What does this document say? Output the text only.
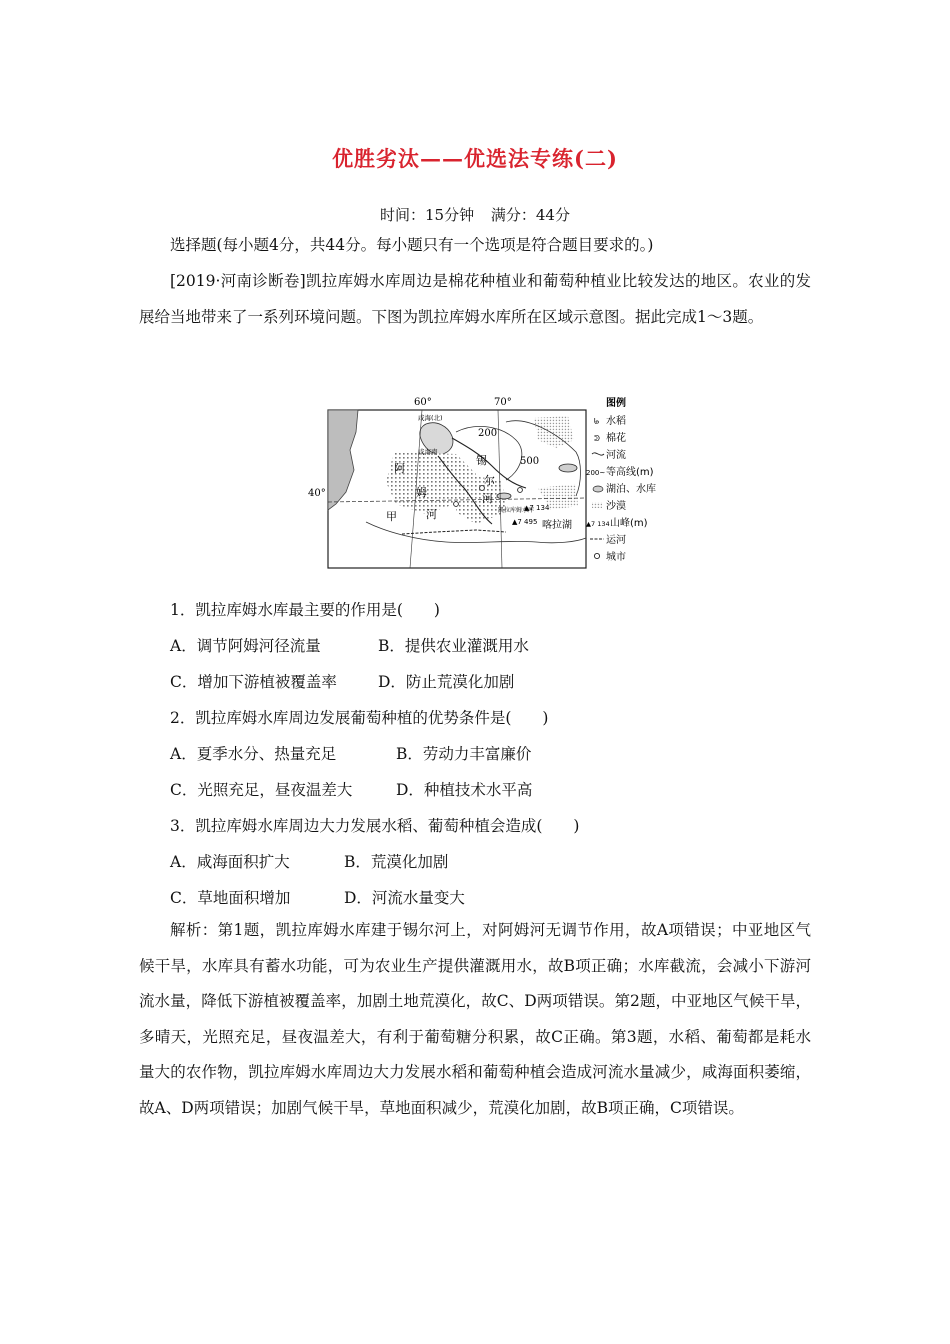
优胜劣汰——优选法专练(二)
时间：15分钟 满分：44分
选择题(每小题4分，共44分。每小题只有一个选项是符合题目要求的。)
[2019·河南诊断卷]凯拉库姆水库周边是棉花种植业和葡萄种植业比较发达的地区。农业的发展给当地带来了一系列环境问题。下图为凯拉库姆水库所在区域示意图。据此完成1～3题。
60°	70°
40°
200
500
咸海(北)
咸海南
阿
姆
河
锡
尔
河
甲	凯拉库姆水库
喀拉湖
▲7 134
▲7 495
图例
ᖚ 水稻
ᕲ 棉花
河流
200~ 等高线(m)
湖泊、水库
沙漠
▲7 134 山峰(m)
运河
城市
1．凯拉库姆水库最主要的作用是(　　)
A．调节阿姆河径流量	B．提供农业灌溉用水
C．增加下游植被覆盖率	D．防止荒漠化加剧
2．凯拉库姆水库周边发展葡萄种植的优势条件是(　　)
A．夏季水分、热量充足	B．劳动力丰富廉价
C．光照充足，昼夜温差大	D．种植技术水平高
3．凯拉库姆水库周边大力发展水稻、葡萄种植会造成(　　)
A．咸海面积扩大	B．荒漠化加剧
C．草地面积增加	D．河流水量变大
解析：第1题，凯拉库姆水库建于锡尔河上，对阿姆河无调节作用，故A项错误；中亚地区气候干旱，水库具有蓄水功能，可为农业生产提供灌溉用水，故B项正确；水库截流，会减小下游河流水量，降低下游植被覆盖率，加剧土地荒漠化，故C、D两项错误。第2题，中亚地区气候干旱，多晴天，光照充足，昼夜温差大，有利于葡萄糖分积累，故C正确。第3题，水稻、葡萄都是耗水量大的农作物，凯拉库姆水库周边大力发展水稻和葡萄种植会造成河流水量减少，咸海面积萎缩，故A、D两项错误；加剧气候干旱，草地面积减少，荒漠化加剧，故B项正确，C项错误。
